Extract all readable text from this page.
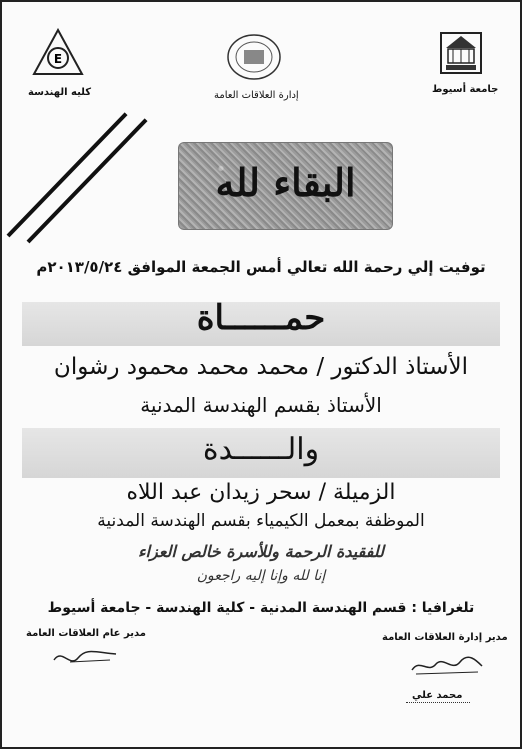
E
كليه الهندسة	إدارة العلاقات العامة
جامعة أسيوط
البقاء لله
توفيت إلي رحمة الله تعالي أمس الجمعة الموافق ٢٠١٣/٥/٢٤م
حمــــــاة
الأستاذ الدكتور / محمد محمد محمود رشوان
الأستاذ بقسم الهندسة المدنية
والــــــدة
الزميلة / سحر زيدان عبد اللاه
الموظفة بمعمل الكيمياء بقسم الهندسة المدنية
للفقيدة الرحمة وللأسرة خالص العزاء
إنا لله وإنا إليه راجعون
تلغرافيا : قسم الهندسة المدنية - كلية الهندسة - جامعة أسيوط
مدير عام العلاقات العامة	مدير إدارة العلاقات العامة
محمد علي
